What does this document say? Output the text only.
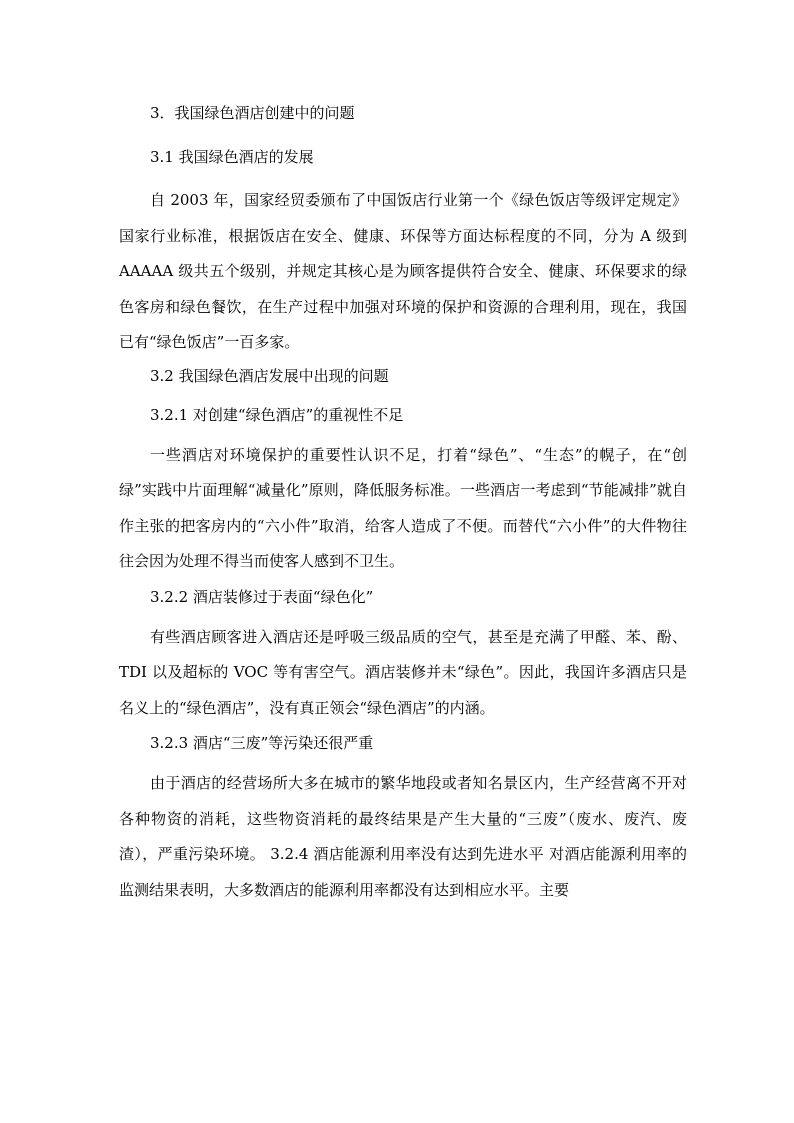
3．我国绿色酒店创建中的问题

3.1 我国绿色酒店的发展

自 2003 年，国家经贸委颁布了中国饭店行业第一个《绿色饭店等级评定规定》国家行业标准，根据饭店在安全、健康、环保等方面达标程度的不同，分为 A 级到 AAAAA 级共五个级别，并规定其核心是为顾客提供符合安全、健康、环保要求的绿色客房和绿色餐饮，在生产过程中加强对环境的保护和资源的合理利用，现在，我国已有“绿色饭店”一百多家。

3.2 我国绿色酒店发展中出现的问题

3.2.1 对创建“绿色酒店”的重视性不足

一些酒店对环境保护的重要性认识不足，打着“绿色”、“生态”的幌子，在“创绿”实践中片面理解“减量化”原则，降低服务标准。一些酒店一考虑到“节能减排”就自作主张的把客房内的“六小件”取消，给客人造成了不便。而替代“六小件”的大件物往往会因为处理不得当而使客人感到不卫生。

3.2.2 酒店装修过于表面“绿色化”

有些酒店顾客进入酒店还是呼吸三级品质的空气，甚至是充满了甲醛、苯、酚、TDI 以及超标的 VOC 等有害空气。酒店装修并未“绿色”。因此，我国许多酒店只是名义上的“绿色酒店”，没有真正领会“绿色酒店”的内涵。

3.2.3 酒店“三废”等污染还很严重

由于酒店的经营场所大多在城市的繁华地段或者知名景区内，生产经营离不开对各种物资的消耗，这些物资消耗的最终结果是产生大量的“三废”（废水、废汽、废渣），严重污染环境。 3.2.4 酒店能源利用率没有达到先进水平 对酒店能源利用率的监测结果表明，大多数酒店的能源利用率都没有达到相应水平。主要
